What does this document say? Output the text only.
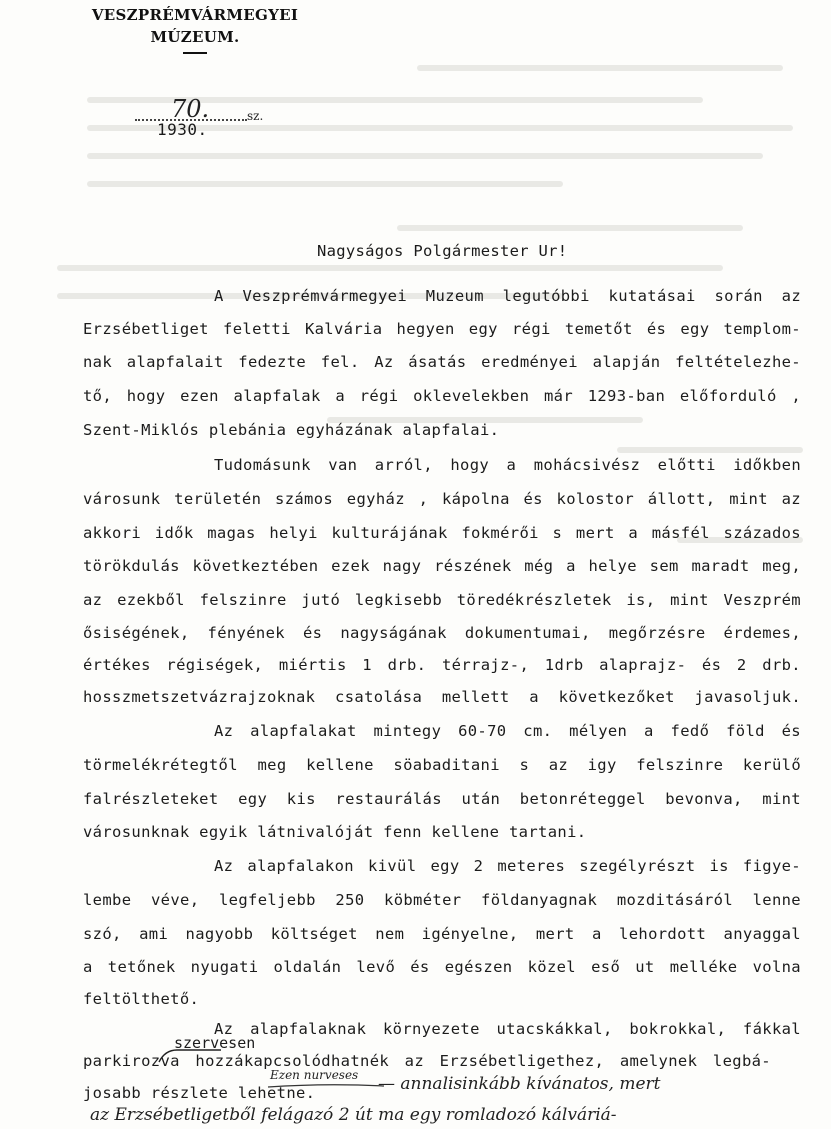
VESZPRÉMVÁRMEGYEI
MÚZEUM.
70.	sz.
1930.
Nagyságos Polgármester Ur!
A Veszprémvármegyei Muzeum legutóbbi kutatásai során az
Erzsébetliget feletti Kalvária hegyen egy régi temetőt és egy templom-
nak alapfalait fedezte fel. Az ásatás eredményei alapján feltételezhe-
tő, hogy ezen alapfalak a régi oklevelekben már 1293-ban előforduló ,
Szent-Miklós plebánia egyházának alapfalai.
Tudomásunk van arról, hogy a mohácsivész előtti időkben
városunk területén számos egyház , kápolna és kolostor állott, mint az
akkori idők magas helyi kulturájának fokmérői s mert a másfél százados
törökdulás következtében ezek nagy részének még a helye sem maradt meg,
az ezekből felszinre jutó legkisebb töredékrészletek is, mint Veszprém
ősiségének, fényének és nagyságának dokumentumai, megőrzésre érdemes,
értékes régiségek, miértis 1 drb. térrajz-, 1drb alaprajz- és 2 drb.
hosszmetszetvázrajzoknak csatolása mellett a következőket javasoljuk.
Az alapfalakat mintegy 60-70 cm. mélyen a fedő föld és
törmelékrétegtől meg kellene söabaditani s az igy felszinre kerülő
falrészleteket egy kis restaurálás után betonréteggel bevonva, mint
városunknak egyik látnivalóját fenn kellene tartani.
Az alapfalakon kivül egy 2 meteres szegélyrészt is figye-
lembe véve, legfeljebb 250 köbméter földanyagnak mozditásáról lenne
szó, ami nagyobb költséget nem igényelne, mert a lehordott anyaggal
a tetőnek nyugati oldalán levő és egészen közel eső ut melléke volna
feltölthető.
Az alapfalaknak környezete utacskákkal, bokrokkal, fákkal
parkirozva hozzákapcsolódhatnék az Erzsébetligethez, amelynek legbá-
josabb részlete lehetne.
szervesen
Ezen nurveses — annalisinkább kívánatos, mert
az Erzsébetligetből felágazó 2 út ma egy romladozó kálváriá-
